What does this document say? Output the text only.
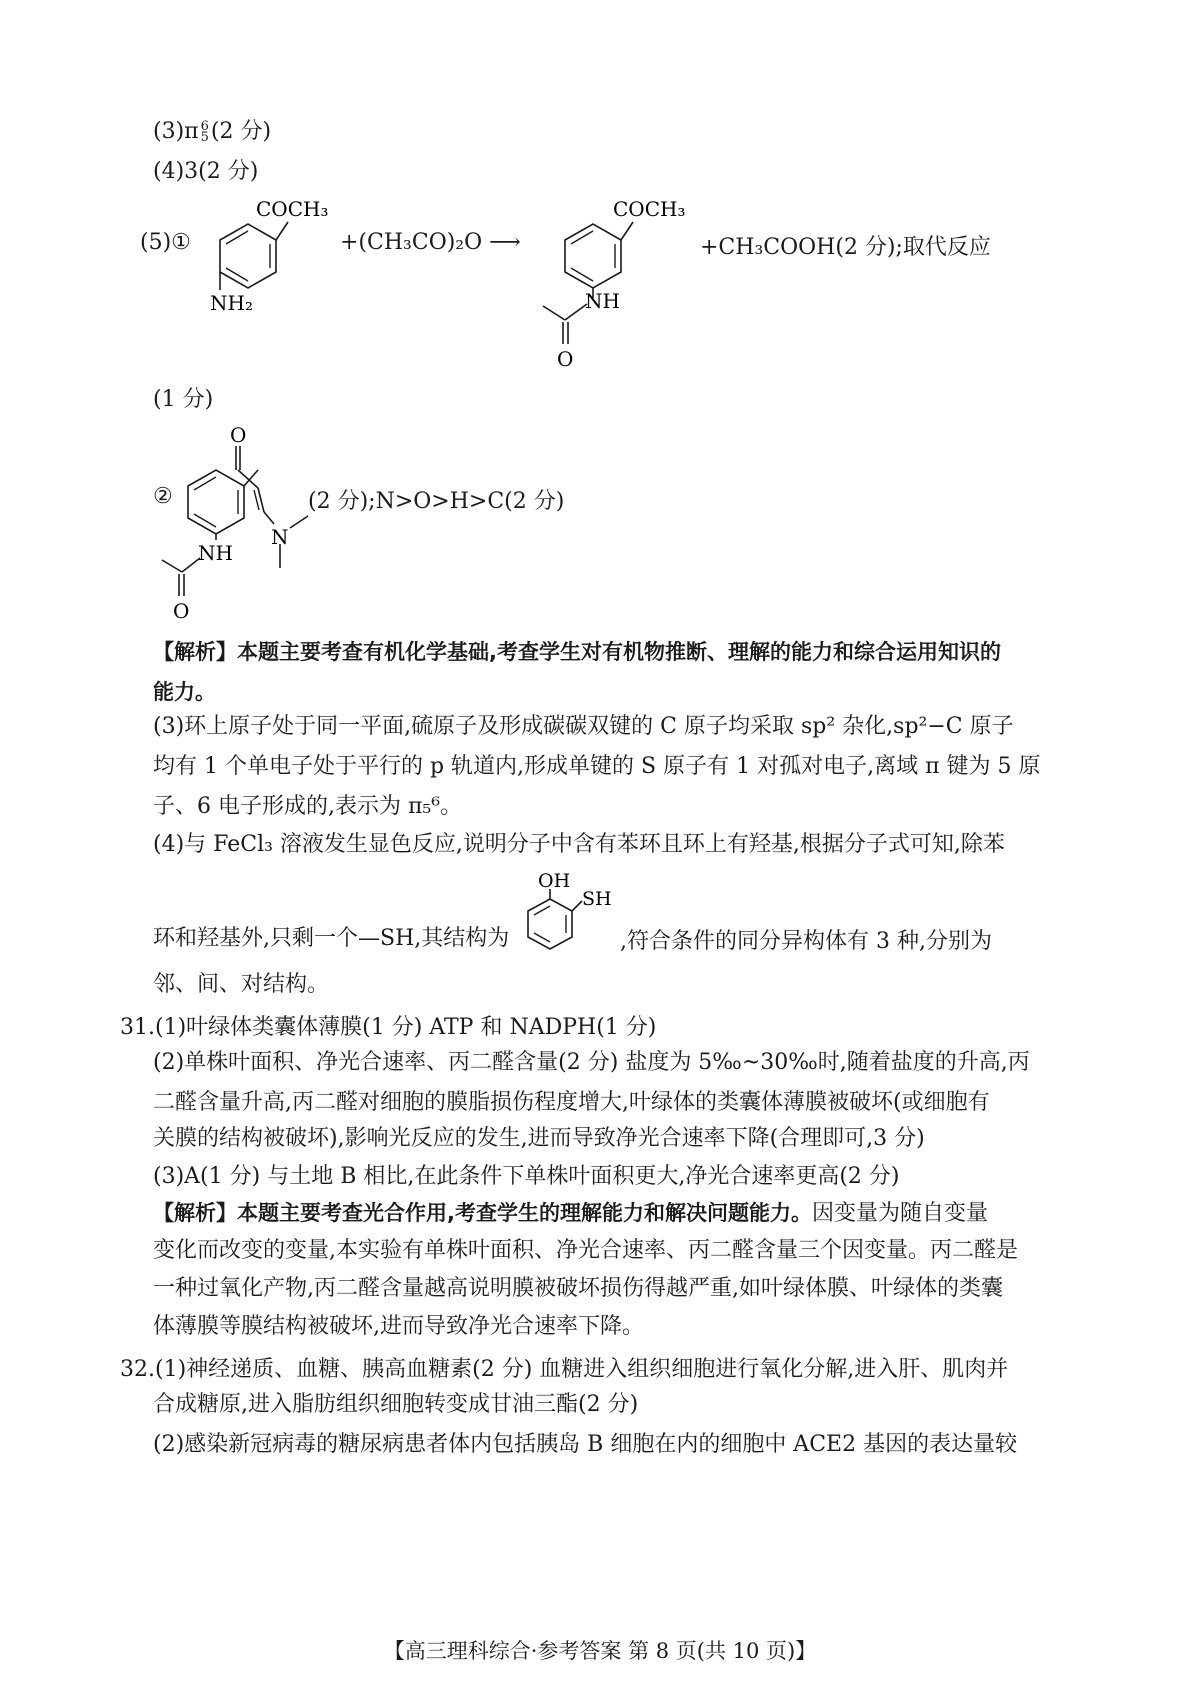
(3)π 6
5 (2 分)
(4)3(2 分)
(5)①
COCH₃
NH₂
+(CH₃CO)₂O ⟶
COCH₃
NH
O
+CH₃COOH(2 分);取代反应
(1 分)
②
O
N
NH
O
(2 分);N>O>H>C(2 分)
【解析】本题主要考查有机化学基础,考查学生对有机物推断、理解的能力和综合运用知识的
能力。
(3)环上原子处于同一平面,硫原子及形成碳碳双键的 C 原子均采取 sp² 杂化,sp²−C 原子
均有 1 个单电子处于平行的 p 轨道内,形成单键的 S 原子有 1 对孤对电子,离域 π 键为 5 原
子、6 电子形成的,表示为 π₅⁶。
(4)与 FeCl₃ 溶液发生显色反应,说明分子中含有苯环且环上有羟基,根据分子式可知,除苯
环和羟基外,只剩一个—SH,其结构为
OH
SH
,符合条件的同分异构体有 3 种,分别为
邻、间、对结构。
31.(1)叶绿体类囊体薄膜(1 分) ATP 和 NADPH(1 分)
(2)单株叶面积、净光合速率、丙二醛含量(2 分) 盐度为 5‰~30‰时,随着盐度的升高,丙
二醛含量升高,丙二醛对细胞的膜脂损伤程度增大,叶绿体的类囊体薄膜被破坏(或细胞有
关膜的结构被破坏),影响光反应的发生,进而导致净光合速率下降(合理即可,3 分)
(3)A(1 分) 与土地 B 相比,在此条件下单株叶面积更大,净光合速率更高(2 分)
【解析】本题主要考查光合作用,考查学生的理解能力和解决问题能力。因变量为随自变量
变化而改变的变量,本实验有单株叶面积、净光合速率、丙二醛含量三个因变量。丙二醛是
一种过氧化产物,丙二醛含量越高说明膜被破坏损伤得越严重,如叶绿体膜、叶绿体的类囊
体薄膜等膜结构被破坏,进而导致净光合速率下降。
32.(1)神经递质、血糖、胰高血糖素(2 分) 血糖进入组织细胞进行氧化分解,进入肝、肌肉并
合成糖原,进入脂肪组织细胞转变成甘油三酯(2 分)
(2)感染新冠病毒的糖尿病患者体内包括胰岛 B 细胞在内的细胞中 ACE2 基因的表达量较
【高三理科综合·参考答案 第 8 页(共 10 页)】
